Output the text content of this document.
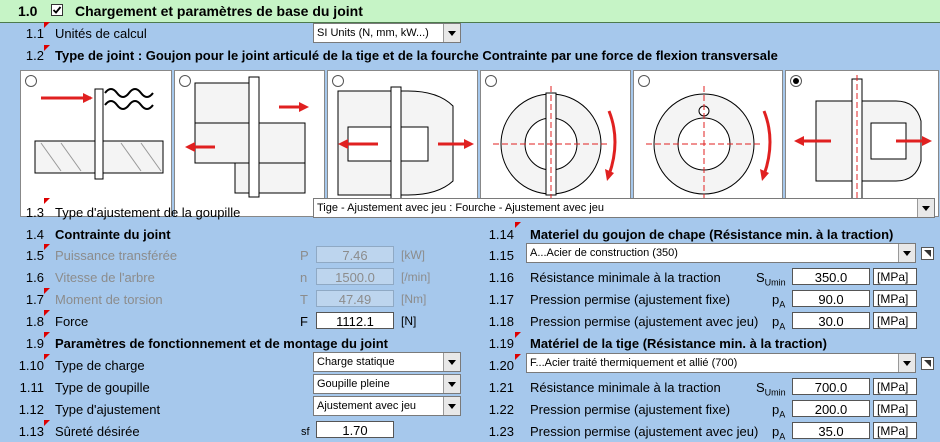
1.0	Chargement et paramètres de base du joint
1.1 Unités de calcul	SI Units (N, mm, kW...)
1.2 Type de joint : Goujon pour le joint articulé de la tige et de la fourche Contrainte par une force de flexion transversale
1.3 Type d'ajustement de la goupille	Tige - Ajustement avec jeu : Fourche - Ajustement avec jeu
1.4 Contrainte du joint
1.5 Puissance transférée	P	7.46	[kW]
1.6 Vitesse de l'arbre	n	1500.0	[/min]
1.7 Moment de torsion	T	47.49	[Nm]
1.8 Force	F	1112.1	[N]
1.9 Paramètres de fonctionnement et de montage du joint
1.10 Type de charge	Charge statique
1.11 Type de goupille	Goupille pleine
1.12 Type d'ajustement	Ajustement avec jeu
1.13 Sûreté désirée	sf	1.70
1.14 Materiel du goujon de chape (Résistance min. à la traction)
1.15	A...Acier de construction (350)
1.16 Résistance minimale à la traction	$S_{Umin}$	350.0	[MPa]
1.17 Pression permise (ajustement fixe)	$p_A$	90.0	[MPa]
1.18 Pression permise (ajustement avec jeu) $p_A$	30.0	[MPa]
1.19 Matériel de la tige (Résistance min. à la traction)
1.20	F...Acier traité thermiquement et allié (700)
1.21 Résistance minimale à la traction	$S_{Umin}$	700.0	[MPa]
1.22 Pression permise (ajustement fixe)	$p_A$	200.0	[MPa]
1.23 Pression permise (ajustement avec jeu) $p_A$	35.0	[MPa]
